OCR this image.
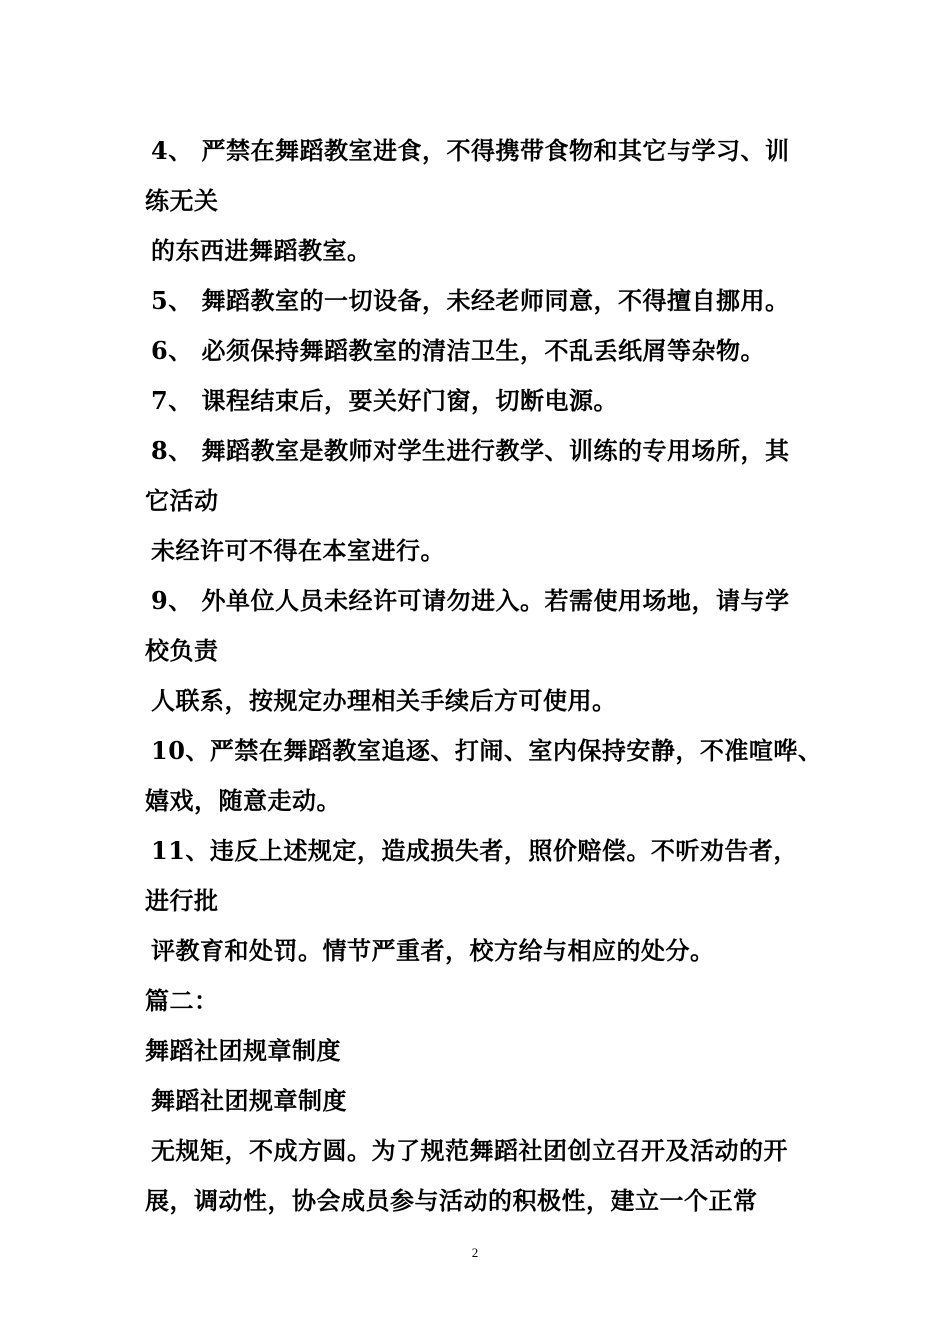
4、 严禁在舞蹈教室进食，不得携带食物和其它与学习、训
练无关
的东西进舞蹈教室。
5、 舞蹈教室的一切设备，未经老师同意，不得擅自挪用。
6、 必须保持舞蹈教室的清洁卫生，不乱丢纸屑等杂物。
7、 课程结束后，要关好门窗，切断电源。
8、 舞蹈教室是教师对学生进行教学、训练的专用场所，其
它活动
未经许可不得在本室进行。
9、 外单位人员未经许可请勿进入。若需使用场地，请与学
校负责
人联系，按规定办理相关手续后方可使用。
10、严禁在舞蹈教室追逐、打闹、室内保持安静，不准喧哗、
嬉戏，随意走动。
11、违反上述规定，造成损失者，照价赔偿。不听劝告者，
进行批
评教育和处罚。情节严重者，校方给与相应的处分。
篇二：
舞蹈社团规章制度
舞蹈社团规章制度
无规矩，不成方圆。为了规范舞蹈社团创立召开及活动的开
展，调动性，协会成员参与活动的积极性，建立一个正常
2
